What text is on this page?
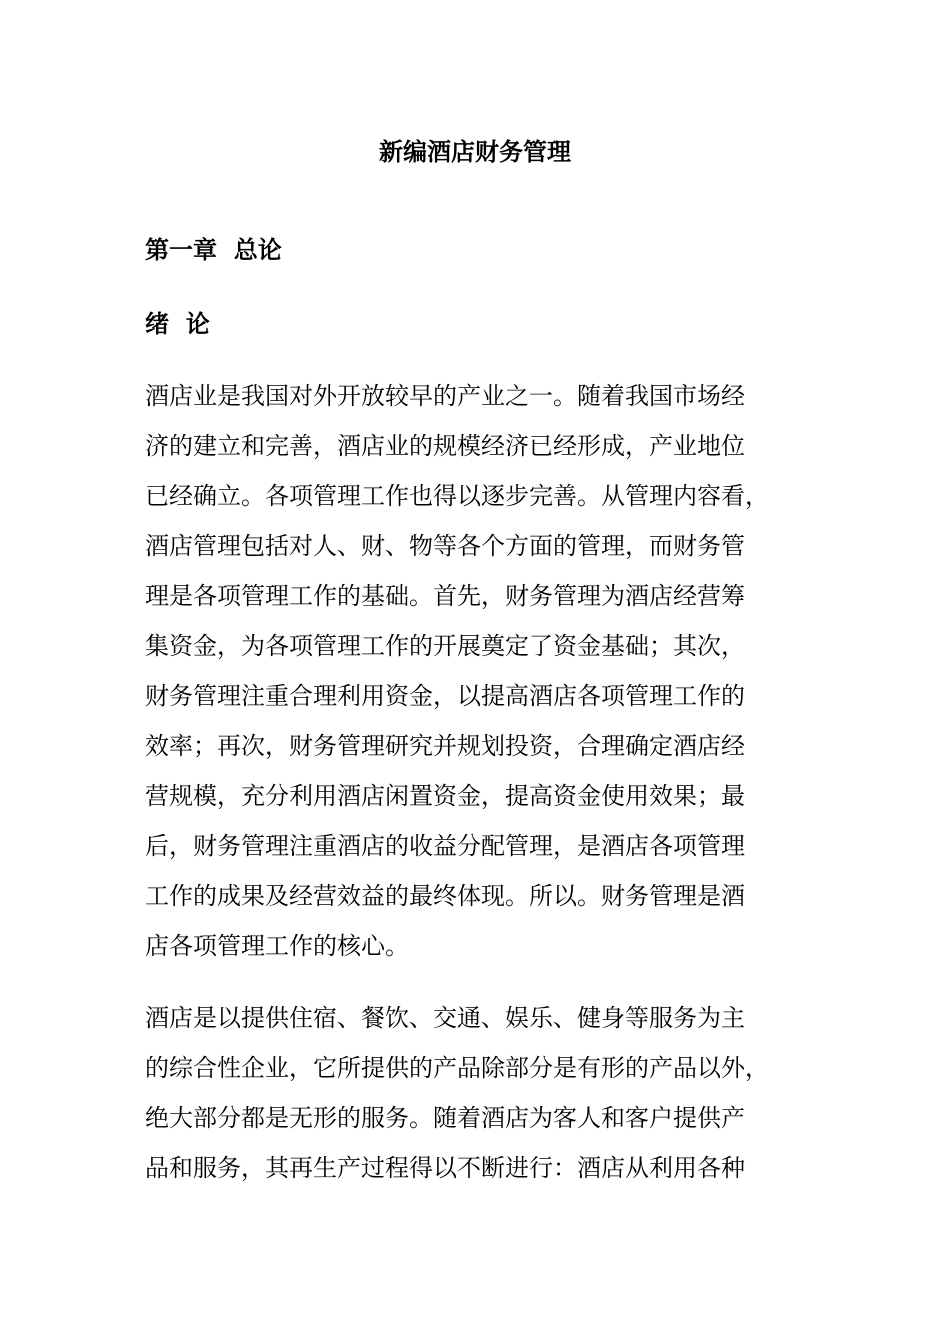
新编酒店财务管理
第一章  总论
绪  论
酒店业是我国对外开放较早的产业之一。随着我国市场经
济的建立和完善，酒店业的规模经济已经形成，产业地位
已经确立。各项管理工作也得以逐步完善。从管理内容看，
酒店管理包括对人、财、物等各个方面的管理，而财务管
理是各项管理工作的基础。首先，财务管理为酒店经营筹
集资金，为各项管理工作的开展奠定了资金基础；其次，
财务管理注重合理利用资金，以提高酒店各项管理工作的
效率；再次，财务管理研究并规划投资，合理确定酒店经
营规模，充分利用酒店闲置资金，提高资金使用效果；最
后，财务管理注重酒店的收益分配管理，是酒店各项管理
工作的成果及经营效益的最终体现。所以。财务管理是酒
店各项管理工作的核心。
酒店是以提供住宿、餐饮、交通、娱乐、健身等服务为主
的综合性企业，它所提供的产品除部分是有形的产品以外，
绝大部分都是无形的服务。随着酒店为客人和客户提供产
品和服务，其再生产过程得以不断进行：酒店从利用各种
